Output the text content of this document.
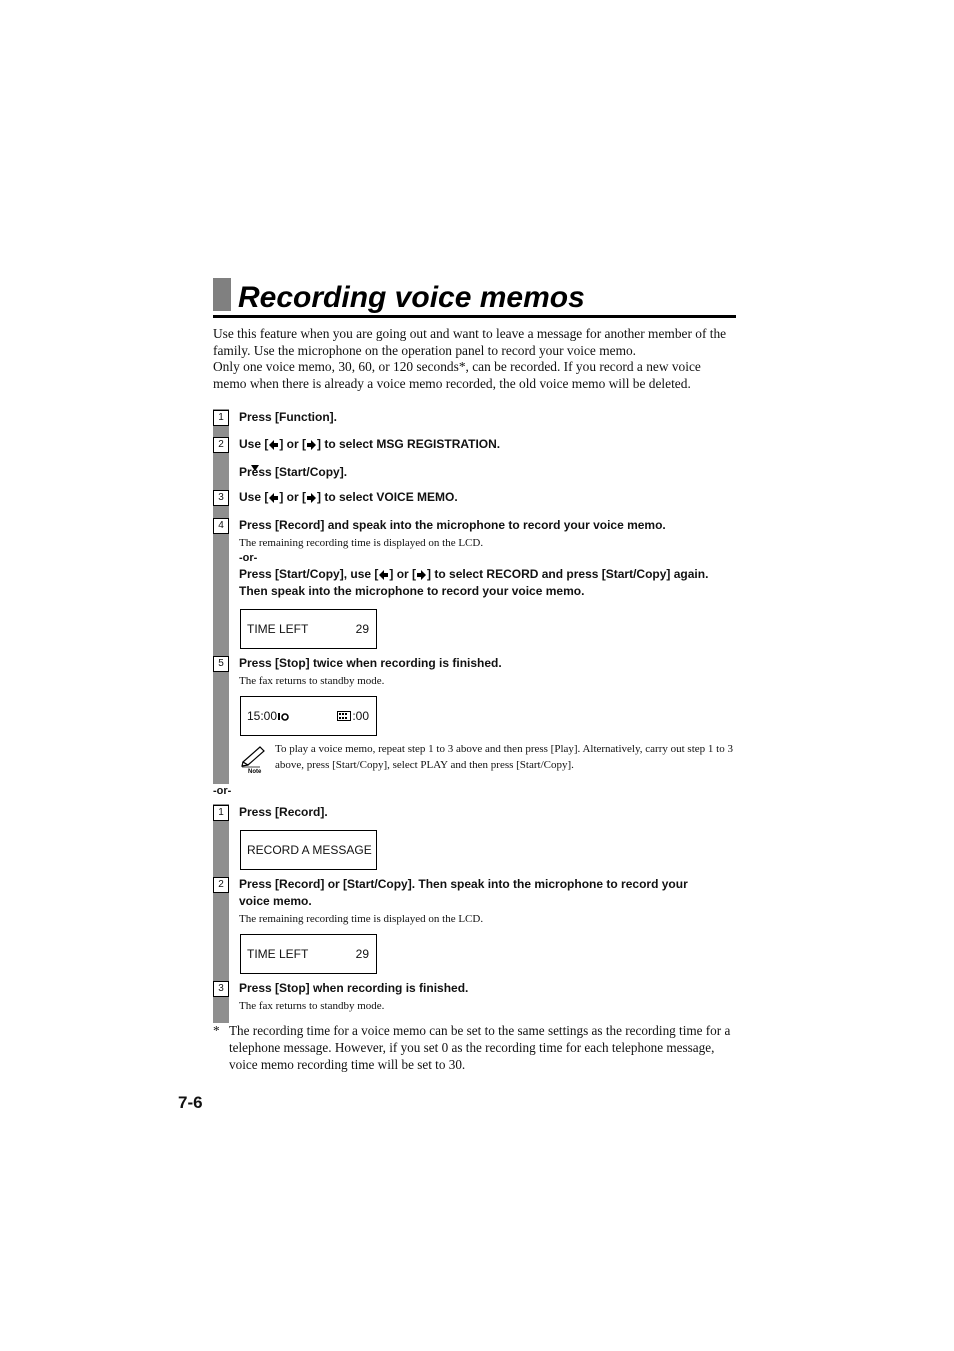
Recording voice memos

Use this feature when you are going out and want to leave a message for another member of the family. Use the microphone on the operation panel to record your voice memo.

Only one voice memo, 30, 60, or 120 seconds*, can be recorded. If you record a new voice memo when there is already a voice memo recorded, the old voice memo will be deleted.

1	Press [Function].
2	Use [ ] or [ ] to select MSG REGISTRATION.
Press [Start/Copy].
3	Use [ ] or [ ] to select VOICE MEMO.
4	Press [Record] and speak into the microphone to record your voice memo.
The remaining recording time is displayed on the LCD.
-or-
Press [Start/Copy], use [ ] or [ ] to select RECORD and press [Start/Copy] again. Then speak into the microphone to record your voice memo.
TIME LEFT	29
5	Press [Stop] twice when recording is finished.
The fax returns to standby mode.
15:00	:00
Note
To play a voice memo, repeat step 1 to 3 above and then press [Play]. Alternatively, carry out step 1 to 3 above, press [Start/Copy], select PLAY and then press [Start/Copy].
-or-
1	Press [Record].
RECORD A MESSAGE
2	Press [Record] or [Start/Copy]. Then speak into the microphone to record your voice memo.
The remaining recording time is displayed on the LCD.
TIME LEFT	29
3	Press [Stop] when recording is finished.
The fax returns to standby mode.
* The recording time for a voice memo can be set to the same settings as the recording time for a telephone message. However, if you set 0 as the recording time for each telephone message, voice memo recording time will be set to 30.
7-6
